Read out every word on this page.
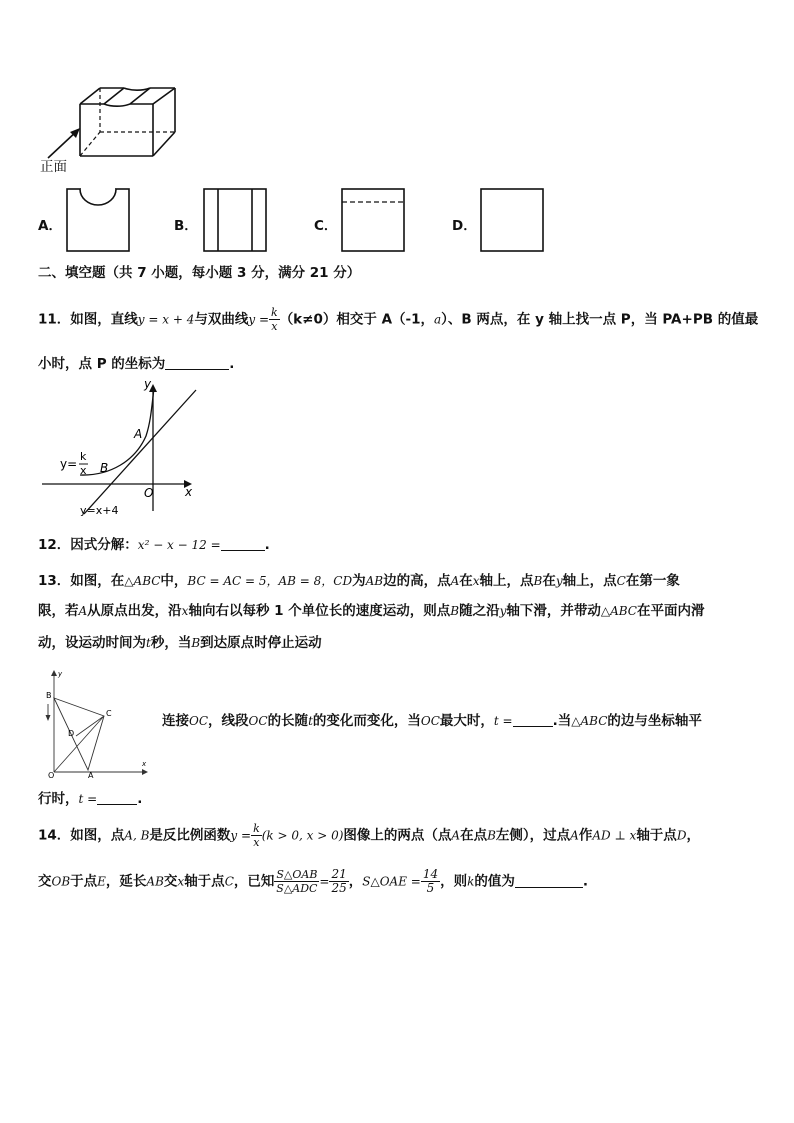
正面
A．	B．	C．	D．
二、填空题（共 7 小题，每小题 3 分，满分 21 分）
11．如图，直线y = x + 4与双曲线$y = \frac{k}{x} (k\ne 0)$相交于 A（-1，a）、B 两点，在 y 轴上找一点 P，当 PA+PB 的值最
小时，点 P 的坐标为	.
y
x
O
A
B
y=
k
x
y=x+4
12．因式分解：x² − x − 12 =	.
13．如图，在△ABC中，BC = AC = 5，AB = 8，CD为AB边的高，点A在x轴上，点B在y轴上，点C在第一象
限，若A从原点出发，沿x轴向右以每秒 1 个单位长的速度运动，则点B随之沿y轴下滑，并带动△ABC在平面内滑
动，设运动时间为t秒，当B到达原点时停止运动
B
C
D
O	A
x
y
连接OC，线段OC的长随t的变化而变化，当OC最大时，t =	.当△ABC的边与坐标轴平
行时，t =	.
14．如图，点A, B是反比例函数$y = \frac{k}{x} (k > 0$, x > 0)图像上的两点（点A在点B左侧），过点A作AD ⊥ x轴于点D，
交OB于点E，延长AB交x轴于点C，已知 $\frac{\text{S△OAB}}{\text{S△ADC}} = \frac{21}{25}$ ，S△OAE = $\frac{14}{5}$ ，则k的值为	.
